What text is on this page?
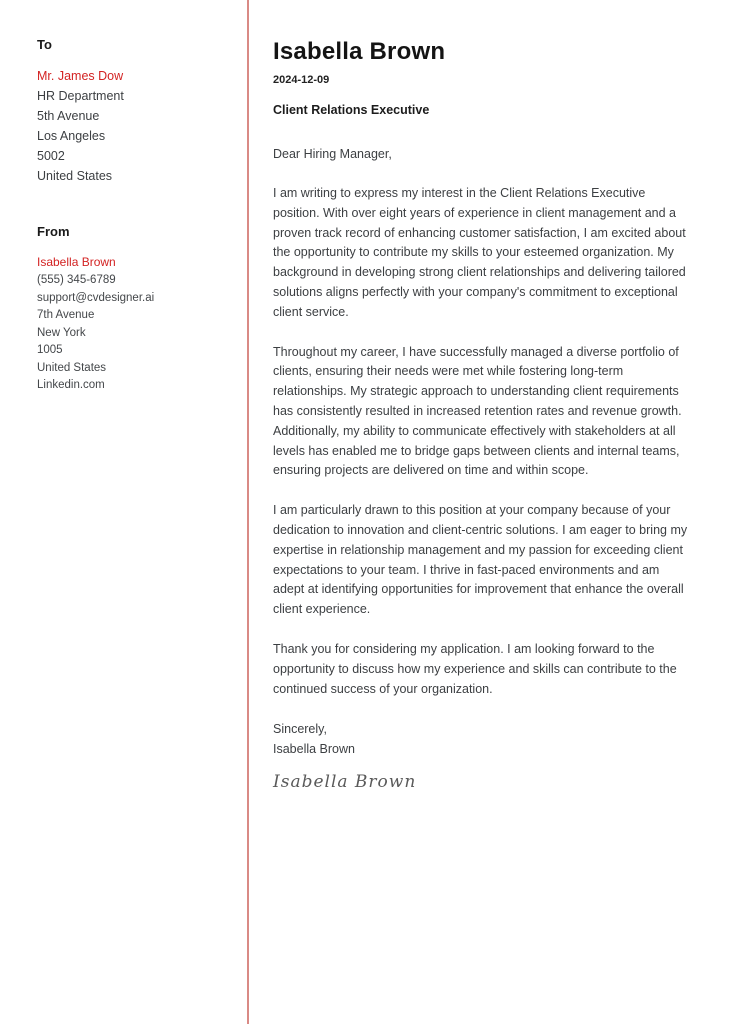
To
Mr. James Dow
HR Department
5th Avenue
Los Angeles
5002
United States
From
Isabella Brown
(555) 345-6789
support@cvdesigner.ai
7th Avenue
New York
1005
United States
Linkedin.com
Isabella Brown
2024-12-09
Client Relations Executive

Dear Hiring Manager,

I am writing to express my interest in the Client Relations Executive position. With over eight years of experience in client management and a proven track record of enhancing customer satisfaction, I am excited about the opportunity to contribute my skills to your esteemed organization. My background in developing strong client relationships and delivering tailored solutions aligns perfectly with your company's commitment to exceptional client service.

Throughout my career, I have successfully managed a diverse portfolio of clients, ensuring their needs were met while fostering long-term relationships. My strategic approach to understanding client requirements has consistently resulted in increased retention rates and revenue growth. Additionally, my ability to communicate effectively with stakeholders at all levels has enabled me to bridge gaps between clients and internal teams, ensuring projects are delivered on time and within scope.

I am particularly drawn to this position at your company because of your dedication to innovation and client-centric solutions. I am eager to bring my expertise in relationship management and my passion for exceeding client expectations to your team. I thrive in fast-paced environments and am adept at identifying opportunities for improvement that enhance the overall client experience.

Thank you for considering my application. I am looking forward to the opportunity to discuss how my experience and skills can contribute to the continued success of your organization.

Sincerely,
Isabella Brown
Isabella Brown
